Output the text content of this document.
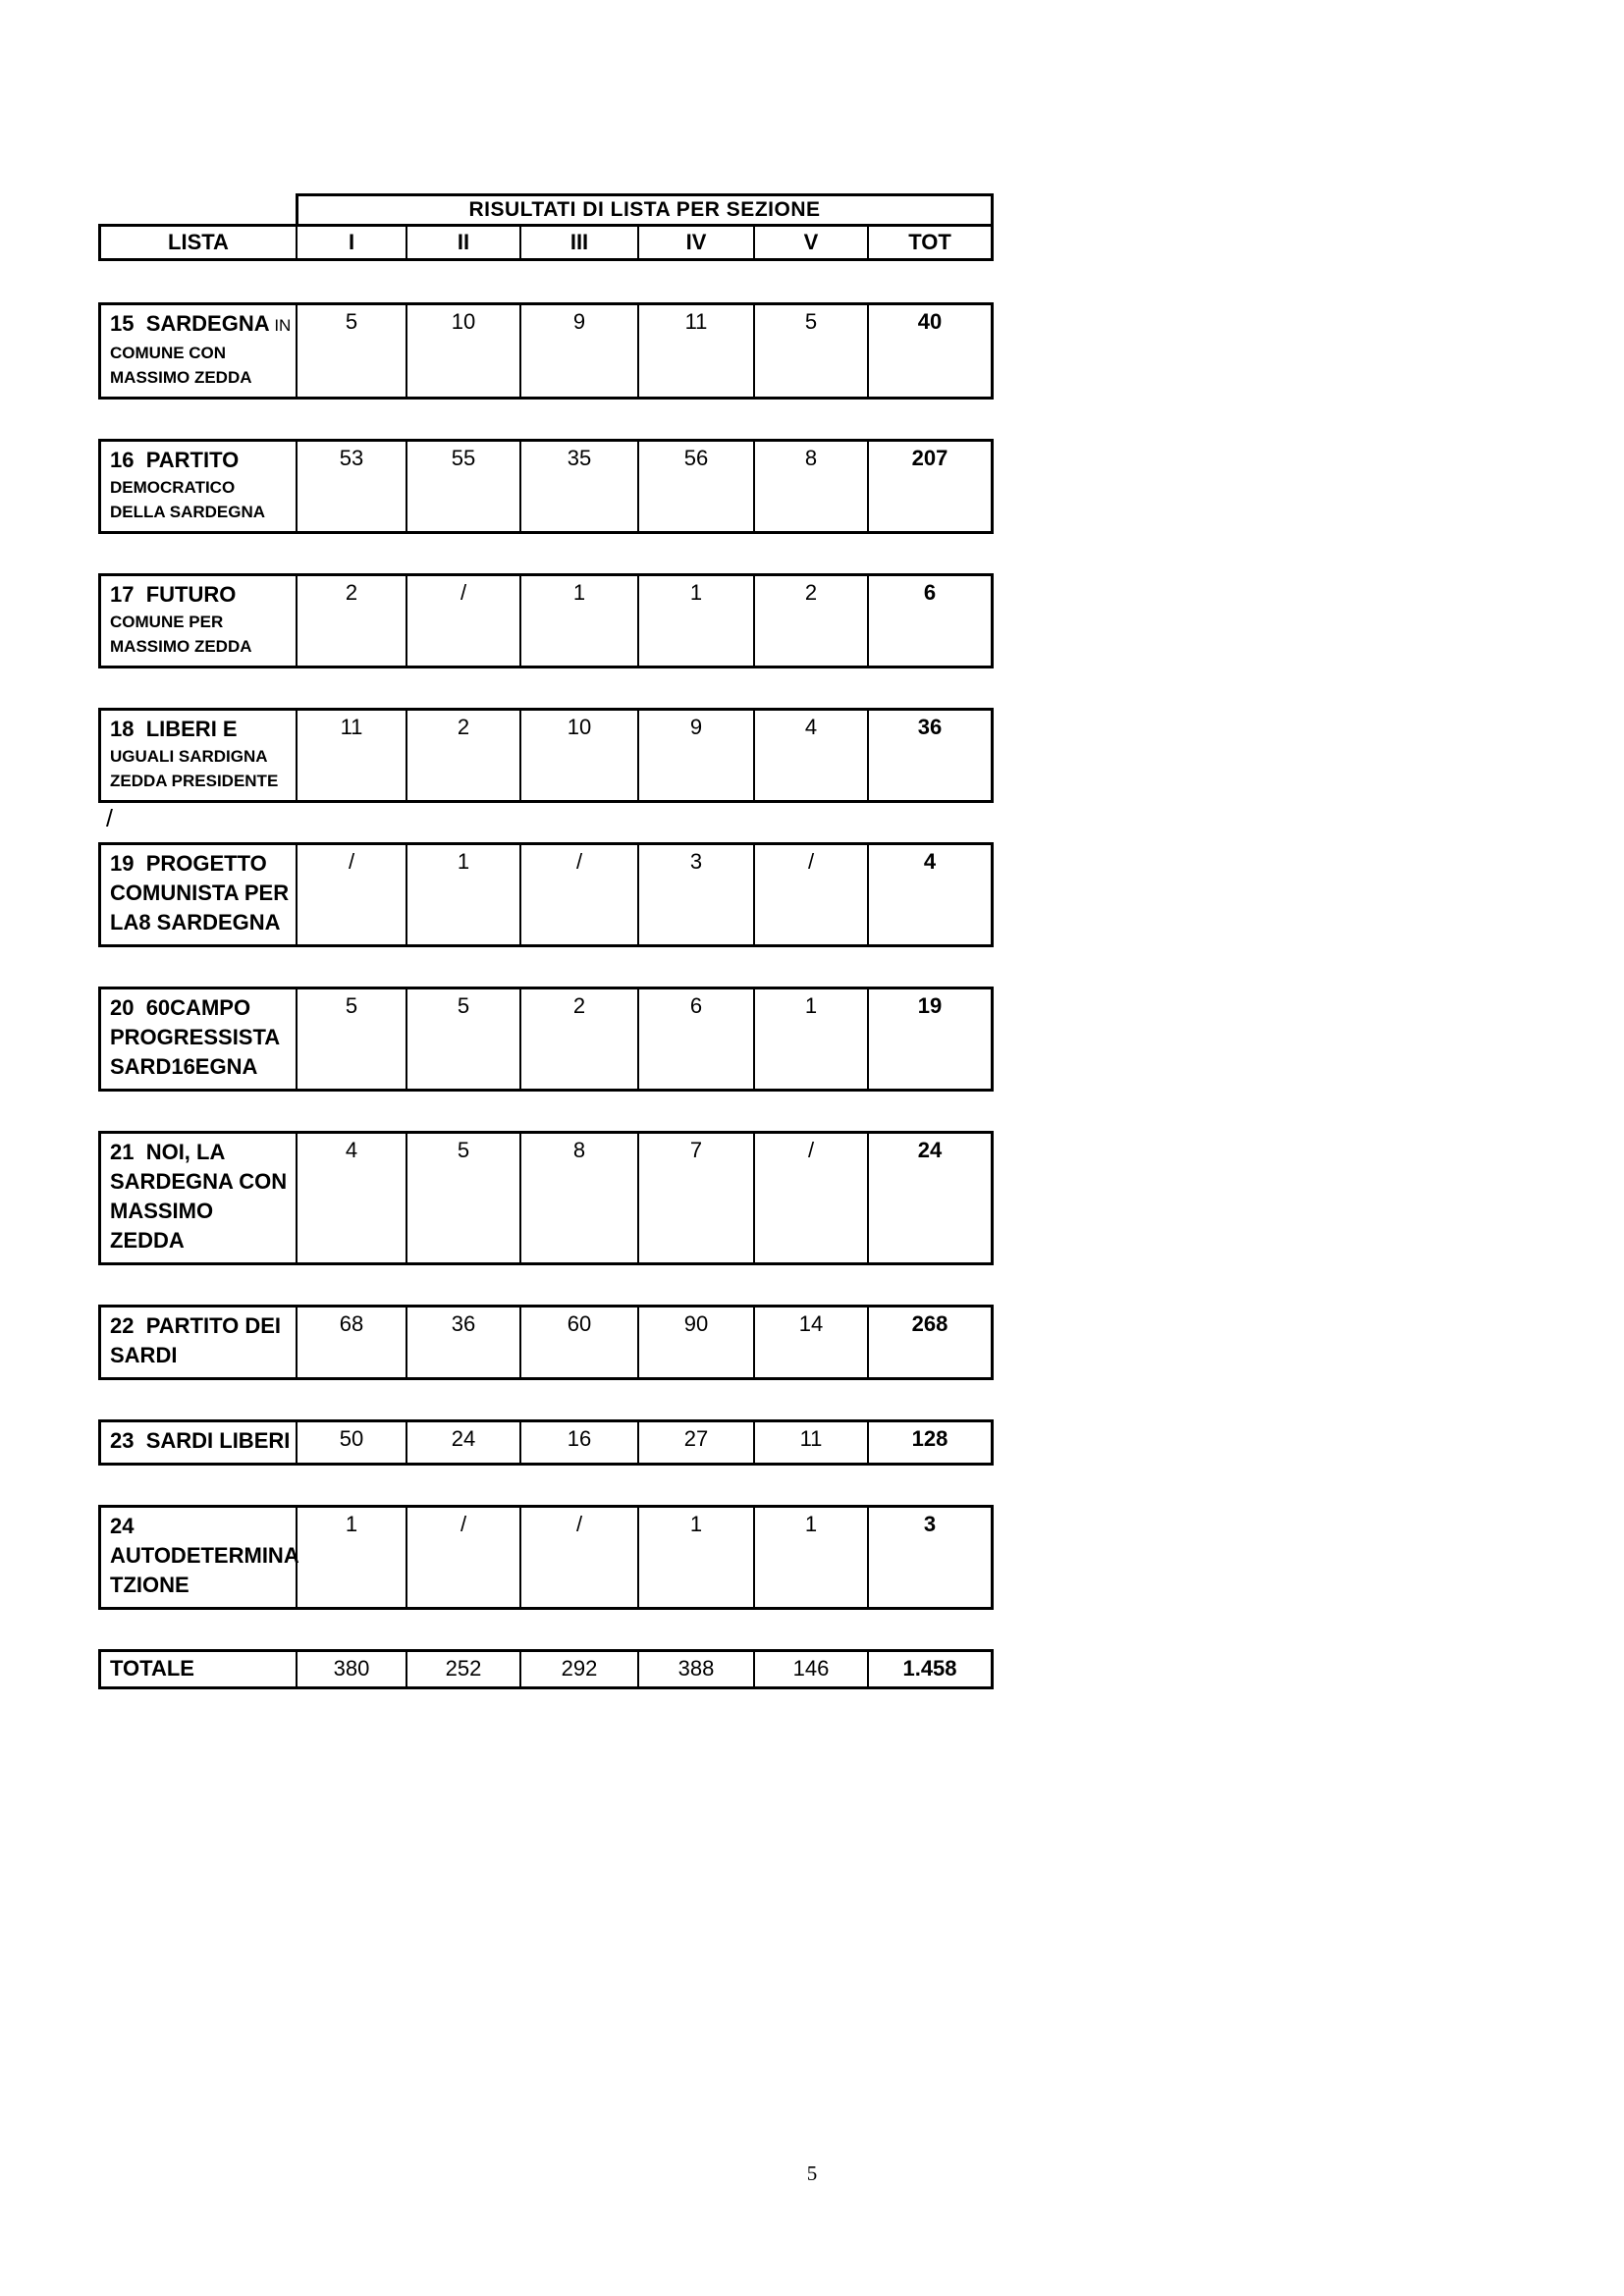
RISULTATI DI LISTA PER SEZIONE
LISTA	I	II	III	IV	V	TOT
15  SARDEGNA IN
COMUNE CON
MASSIMO ZEDDA
5	10	9	11	5	40
16  PARTITO
DEMOCRATICO
DELLA SARDEGNA
53	55	35	56	8	207
17  FUTURO
COMUNE PER
MASSIMO ZEDDA
2	/	1	1	2	6
18  LIBERI E
UGUALI SARDIGNA
ZEDDA PRESIDENTE
11	2	10	9	4	36
/
19  PROGETTO
COMUNISTA PER
LA8 SARDEGNA
/	1	/	3	/	4
20  60CAMPO
PROGRESSISTA
SARD16EGNA
5	5	2	6	1	19
21  NOI, LA
SARDEGNA CON
MASSIMO ZEDDA
4	5	8	7	/	24
22  PARTITO DEI
SARDI
68	36	60	90	14	268
23  SARDI LIBERI	50	24	16	27	11	128
24
AUTODETERMINA
TZIONE
1	/	/	1	1	3
TOTALE	380	252	292	388	146	1.458
5
